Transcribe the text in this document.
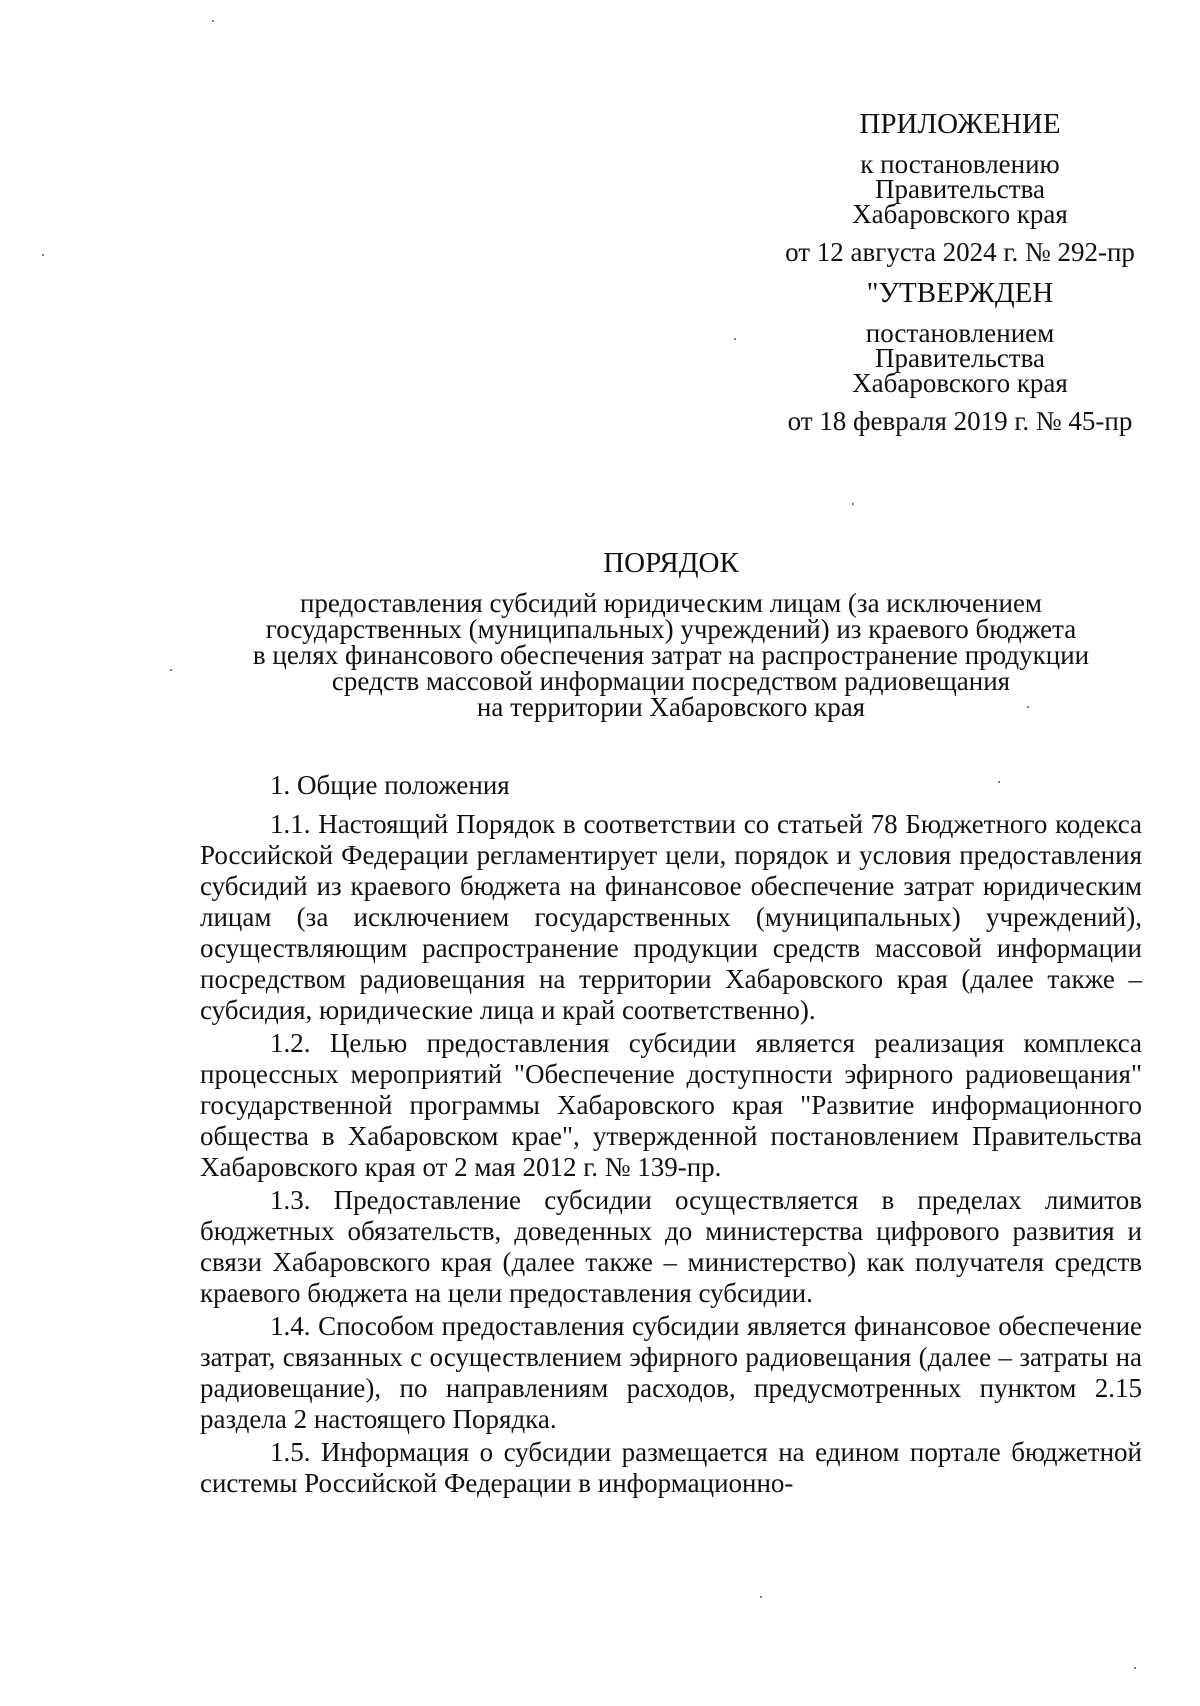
ПРИЛОЖЕНИЕ
к постановлению
Правительства
Хабаровского края
от 12 августа 2024 г. № 292-пр
"УТВЕРЖДЕН
постановлением
Правительства
Хабаровского края
от 18 февраля 2019 г. № 45-пр
ПОРЯДОК
предоставления субсидий юридическим лицам (за исключением
государственных (муниципальных) учреждений) из краевого бюджета
в целях финансового обеспечения затрат на распространение продукции
средств массовой информации посредством радиовещания
на территории Хабаровского края
1. Общие положения

1.1. Настоящий Порядок в соответствии со статьей 78 Бюджетного кодекса Российской Федерации регламентирует цели, порядок и условия предоставления субсидий из краевого бюджета на финансовое обеспечение затрат юридическим лицам (за исключением государственных (муниципальных) учреждений), осуществляющим распространение продукции средств массовой информации посредством радиовещания на территории Хабаровского края (далее также – субсидия, юридические лица и край соответственно).

1.2. Целью предоставления субсидии является реализация комплекса процессных мероприятий "Обеспечение доступности эфирного радиовещания" государственной программы Хабаровского края "Развитие информационного общества в Хабаровском крае", утвержденной постановлением Правительства Хабаровского края от 2 мая 2012 г. № 139-пр.

1.3. Предоставление субсидии осуществляется в пределах лимитов бюджетных обязательств, доведенных до министерства цифрового развития и связи Хабаровского края (далее также – министерство) как получателя средств краевого бюджета на цели предоставления субсидии.

1.4. Способом предоставления субсидии является финансовое обеспечение затрат, связанных с осуществлением эфирного радиовещания (далее – затраты на радиовещание), по направлениям расходов, предусмотренных пунктом 2.15 раздела 2 настоящего Порядка.

1.5. Информация о субсидии размещается на едином портале бюджетной системы Российской Федерации в информационно-
